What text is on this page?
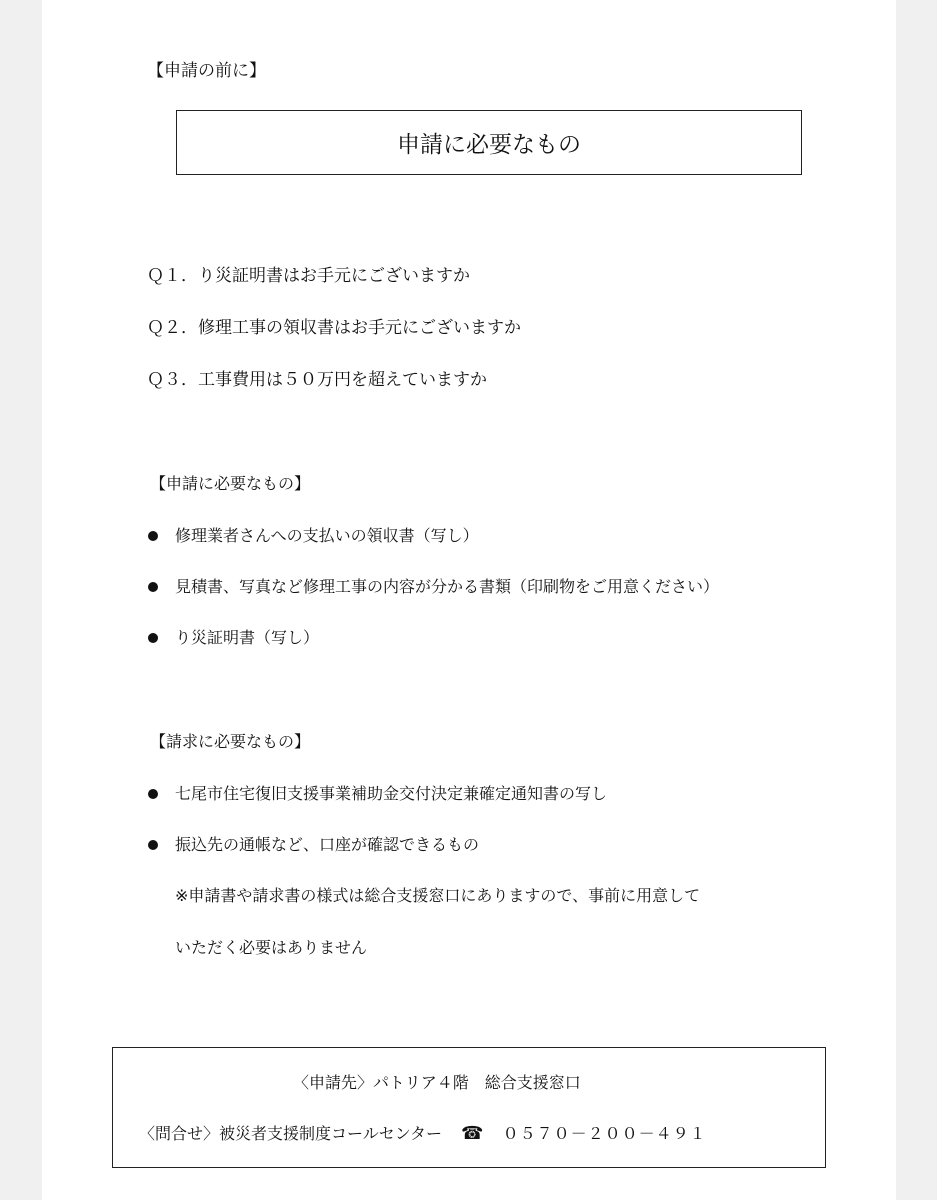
【申請の前に】
申請に必要なもの
Ｑ１．り災証明書はお手元にございますか
Ｑ２．修理工事の領収書はお手元にございますか
Ｑ３．工事費用は５０万円を超えていますか
【申請に必要なもの】
修理業者さんへの支払いの領収書（写し）
見積書、写真など修理工事の内容が分かる書類（印刷物をご用意ください）
り災証明書（写し）
【請求に必要なもの】
七尾市住宅復旧支援事業補助金交付決定兼確定通知書の写し
振込先の通帳など、口座が確認できるもの
※申請書や請求書の様式は総合支援窓口にありますので、事前に用意して
いただく必要はありません
〈申請先〉パトリア４階　総合支援窓口
〈問合せ〉被災者支援制度コールセンター ☎ ０５７０－２００－４９１
